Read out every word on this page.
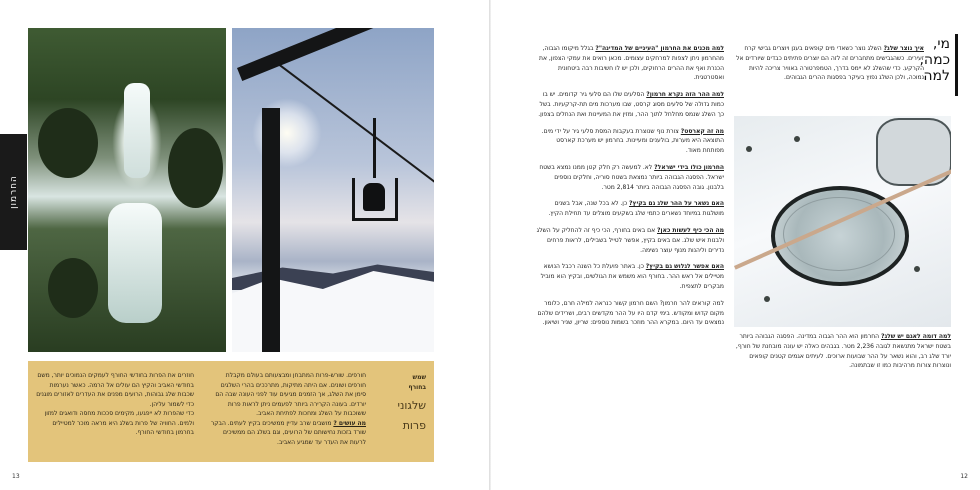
החרמון
שמש
בחורף
שלגוני
פרות
חורפים. שורש-פרות המתבחן ומבצעותם בעולם מקבלת חורפים ושונים. אם היתה מתיקות, מתרככים בהרי השלגים סימן את השלג, אך הזמנים מגיעים עוד לפני העונה שבה הם יורדים. בעונה הקרירה ביותר לפעמים ניתן לראות פרות ששוכבות על השלג ומחכות לפתיחת האביב.
מה עושים ? מושבים שרב עדיין ממשיכים בקיץ לעתים. הבקר שורד בזכות נחישותם של הרועים, וגם בשלג הם ממשיכים לרעות את העדר עד שמגיע האביב.
חוזרים את הפרות בחודשי החורף לעמקים הנמוכים יותר, משם בחודשי האביב והקיץ הם עולים אל הרמה. כאשר נערמות שכבות שלג גבוהות, הרועים מפנים את העדרים לאזורים מוגנים כדי לשמור עליהן.
כדי שהפרות לא ייפגעו, מקימים סככות מחסה ודואגים למזון ולמים. החוויה של פרות בשלג היא מראה מוכר למטיילים בחרמון בחודשי החורף.
13
מי,
כמה,
למה
איך נוצר שלג? השלג נוצר כשאדי מים קופאים בענן ויוצרים גבישי קרח זעירים. כשהגבישים מתחברים זה לזה הם יוצרים פתיתים כבדים שיורדים אל הקרקע. כדי שהשלג לא יימס בדרך, הטמפרטורה באוויר צריכה להיות נמוכה, ולכן השלג נפוץ בעיקר בפסגות ההרים הגבוהים.
למה דומה לאגם יש שלג? החרמון הוא ההר הגבוה במדינה. הפסגה הגבוהה ביותר בשטח ישראל מתנשאת לגובה 2,236 מטר. בגבהים כאלה יש עונה מובחנת של חורף, יורד שלג רב, והוא נשאר על ההר שבועות ארוכים. לעיתים אגמים קטנים קופאים ונוצרות צורות מרהיבות כמו זו שבתמונה.
למה מכנים את החרמון "העיניים של המדינה"? בגלל מיקומו הגבוה, מהחרמון ניתן לצפות למרחקים עצומים. מכאן רואים את עמקי הצפון, את הכנרת ואף את ההרים הרחוקים, ולכן יש לו חשיבות רבה ביטחונית ואסטרטגית.
למה ההר הזה נקרא חרמון? הסלעים שלו הם סלעי גיר קדומים. יש בו כמות גדולה של סלעים מסוג קרסט, שבו מערכות מים תת-קרקעיות. בשל כך השלג שנמס מחלחל לתוך ההר, ומזין את המעיינות ואת הנחלים בצפון.
מה זה קארסט? צורת נוף שנוצרת בעקבות המסת סלעי גיר על ידי מים. התוצאה היא מערות, בולענים ומעיינות. בחרמון יש מערכת קארסט מפותחת מאוד.
החרמון כולו בידי ישראל? לא. למעשה רק חלק קטן ממנו נמצא בשטח ישראל. הפסגה הגבוהה ביותר נמצאת בשטח סוריה, וחלקים נוספים בלבנון. גובה הפסגה הגבוהה ביותר 2,814 מטר.
האם נשאר על ההר שלג גם בקיץ? כן. לא בכל שנה, אבל בשנים מושלגות במיוחד נשארים כתמי שלג בשקעים מוצלים עד תחילת הקיץ.
מה הכי כיף לעשות כאן? אם באים בחורף, הכי כיף זה להחליק על השלג ולבנות איש שלג. אם באים בקיץ, אפשר לטייל בשבילים, לראות פרחים נדירים וליהנות מנוף עוצר נשימה.
האם אפשר לגלוש גם בקיץ? כן. באתר פועלת כל השנה רכבל הנושא מטיילים אל ראש ההר. בחורף הוא משמש את הגולשים, ובקיץ הוא מוביל מבקרים לתצפית.
למה קוראים להר חרמון? השם חרמון קשור כנראה למילה חרם, כלומר מקום קדוש ומקודש. בימי קדם היו על ההר מקדשים רבים, ושרידים שלהם נמצאים עד היום. במקרא ההר מוזכר בשמות נוספים: שריון, שניר ושיאון.
12
